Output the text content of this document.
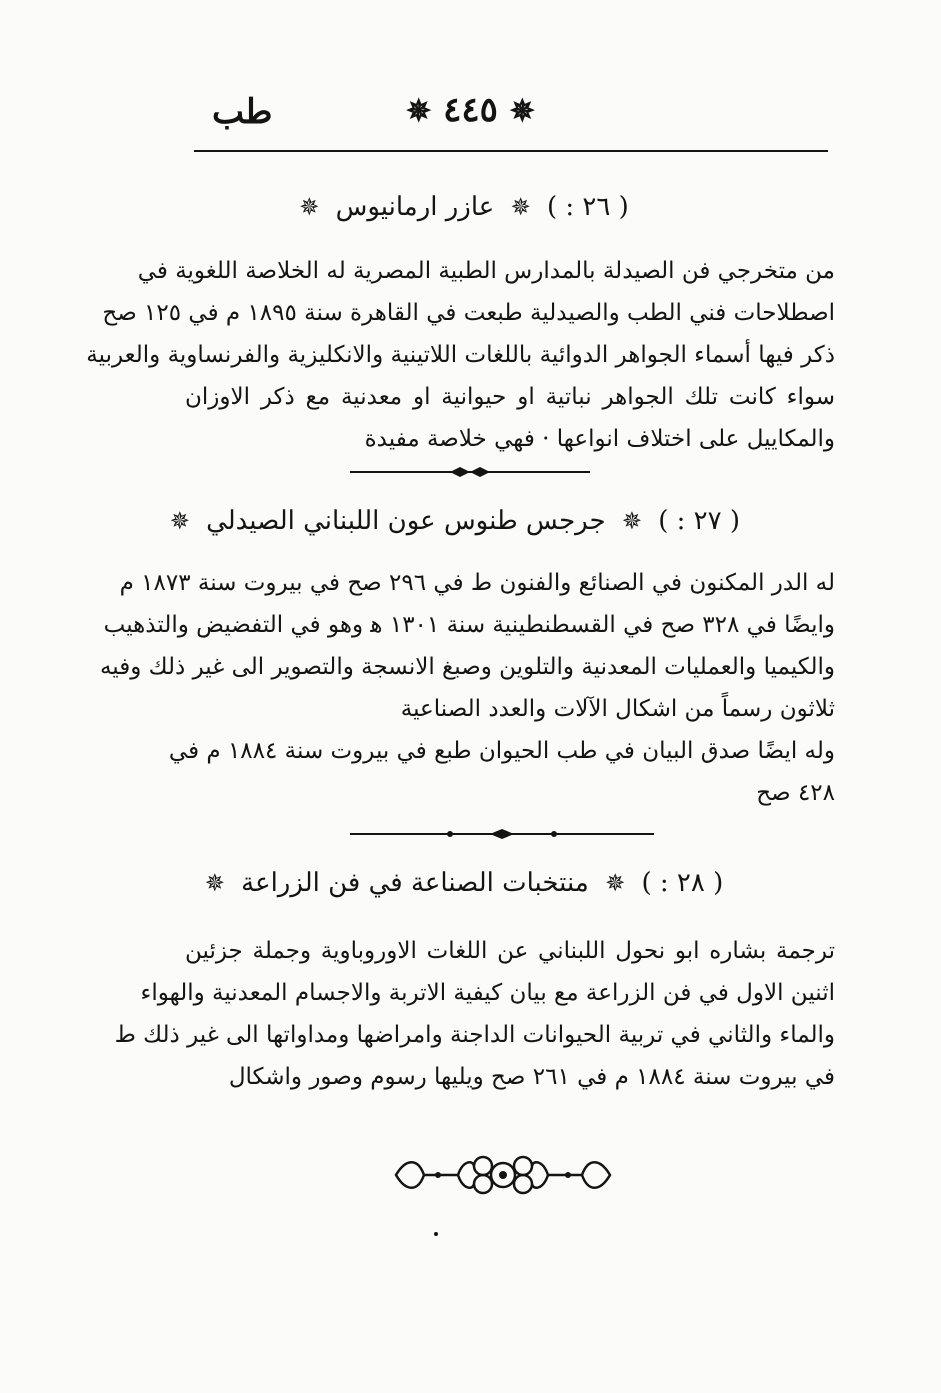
طب	✵ ٤٤٥ ✵
( ٢٦ : ) ✵ عازر ارمانيوس ✵
من متخرجي فن الصيدلة بالمدارس الطبية المصرية له الخلاصة اللغوية في
اصطلاحات فني الطب والصيدلية طبعت في القاهرة سنة ١٨٩٥ م في ١٢٥ صح
ذكر فيها أسماء الجواهر الدوائية باللغات اللاتينية والانكليزية والفرنساوية والعربية
سواء كانت تلك الجواهر نباتية او حيوانية او معدنية مع ذكر الاوزان
والمكاييل على اختلاف انواعها · فهي خلاصة مفيدة
( ٢٧ : ) ✵ جرجس طنوس عون اللبناني الصيدلي ✵
له الدر المكنون في الصنائع والفنون ط في ٢٩٦ صح في بيروت سنة ١٨٧٣ م
وايضًا في ٣٢٨ صح في القسطنطينية سنة ١٣٠١ ﻫ وهو في التفضيض والتذهيب
والكيميا والعمليات المعدنية والتلوين وصبغ الانسجة والتصوير الى غير ذلك وفيه
ثلاثون رسماً من اشكال الآلات والعدد الصناعية
وله ايضًا صدق البيان في طب الحيوان طبع في بيروت سنة ١٨٨٤ م في
٤٢٨ صح
( ٢٨ : ) ✵ منتخبات الصناعة في فن الزراعة ✵
ترجمة بشاره ابو نحول اللبناني عن اللغات الاوروباوية وجملة جزئين
اثنين الاول في فن الزراعة مع بيان كيفية الاتربة والاجسام المعدنية والهواء
والماء والثاني في تربية الحيوانات الداجنة وامراضها ومداواتها الى غير ذلك ط
في بيروت سنة ١٨٨٤ م في ٢٦١ صح ويليها رسوم وصور واشكال
